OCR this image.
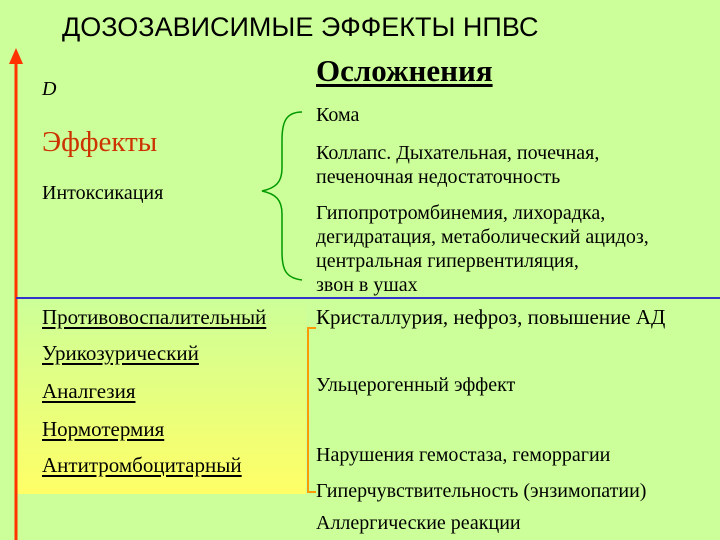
ДОЗОЗАВИСИМЫЕ ЭФФЕКТЫ НПВС
D
Осложнения
Эффекты
Интоксикация
Кома
Коллапс. Дыхательная, почечная,
печеночная недостаточность
Гипопротромбинемия, лихорадка,
дегидратация, метаболический ацидоз,
центральная гипервентиляция,
звон в ушах
Кристаллурия, нефроз, повышение АД
Ульцерогенный эффект
Нарушения гемостаза, геморрагии
Гиперчувствительность (энзимопатии)
Аллергические реакции
Противовоспалительный
Урикозурический
Аналгезия
Нормотермия
Антитромбоцитарный
